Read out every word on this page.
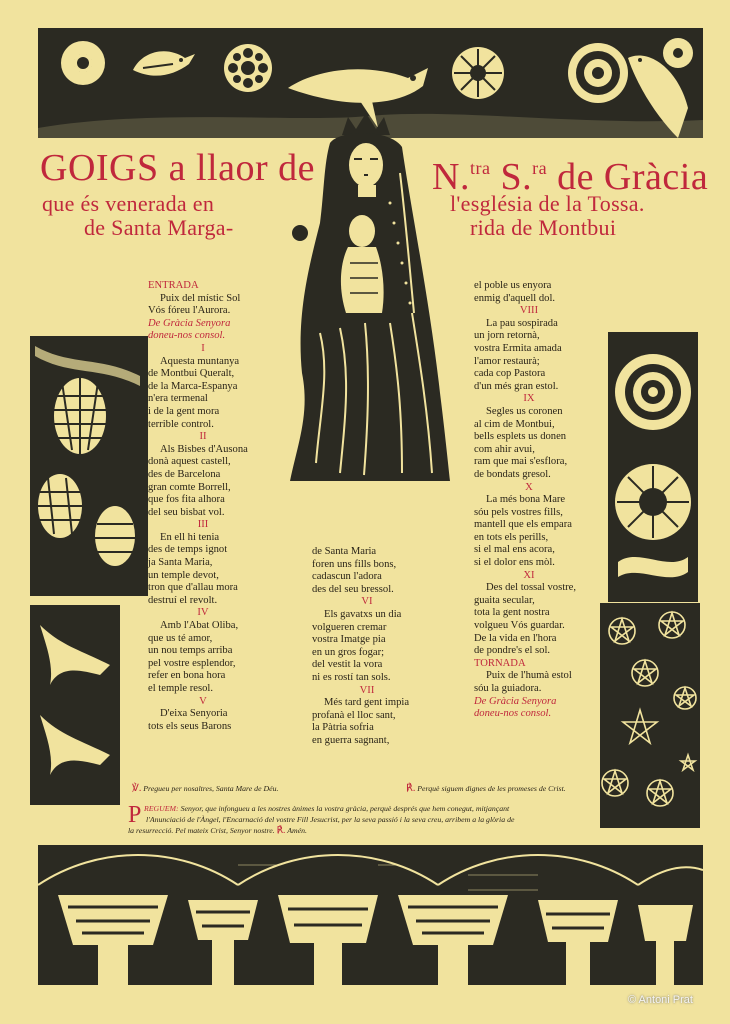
GOIGS a llaor de	N.$^{tra}$ S.$^{ra}$ de Gràcia
que és venerada en	l'església de la Tossa.
de Santa Marga-	rida de Montbui
ENTRADA
Puix del místic Sol
Vós fóreu l'Aurora.
De Gràcia Senyora
doneu-nos consol.
I
Aquesta muntanya
de Montbui Queralt,
de la Marca-Espanya
n'era termenal
i de la gent mora
terrible control.
II
Als Bisbes d'Ausona
donà aquest castell,
des de Barcelona
gran comte Borrell,
que fos fita alhora
del seu bisbat vol.
III
En ell hi tenia
des de temps ignot
ja Santa Maria,
un temple devot,
tron que d'allau mora
destruí el revolt.
IV
Amb l'Abat Oliba,
que us té amor,
un nou temps arriba
pel vostre esplendor,
refer en bona hora
el temple resol.
V
D'eixa Senyoria
tots els seus Barons
de Santa Maria
foren uns fills bons,
cadascun l'adora
des del seu bressol.
VI
Els gavatxs un dia
volgueren cremar
vostra Imatge pia
en un gros fogar;
del vestit la vora
ni es rostí tan sols.
VII
Més tard gent impia
profanà el lloc sant,
la Pàtria sofria
en guerra sagnant,
el poble us enyora
enmig d'aquell dol.
VIII
La pau sospirada
un jorn retornà,
vostra Ermita amada
l'amor restaurà;
cada cop Pastora
d'un més gran estol.
IX
Segles us coronen
al cim de Montbui,
bells esplets us donen
com ahir avui,
ram que mai s'esflora,
de bondats gresol.
X
La més bona Mare
sóu pels vostres fills,
mantell que els empara
en tots els perills,
si el mal ens acora,
si el dolor ens mòl.
XI
Des del tossal vostre,
guaita secular,
tota la gent nostra
volgueu Vós guardar.
De la vida en l'hora
de pondre's el sol.
TORNADA
Puix de l'humà estol
sóu la guiadora.
De Gràcia Senyora
doneu-nos consol.
℣. Pregueu per nosaltres, Santa Mare de Déu.	℟. Perquè siguem dignes de les promeses de Crist.
P REGUEM: Senyor, que infongueu a les nostres ànimes la vostra gràcia, perquè després que hem conegut, mitjançant
l'Anunciació de l'Àngel, l'Encarnació del vostre Fill Jesucrist, per la seva passió i la seva creu, arribem a la glòria de
la resurrecció. Pel mateix Crist, Senyor nostre. ℟. Amén.
© Antoni Prat
